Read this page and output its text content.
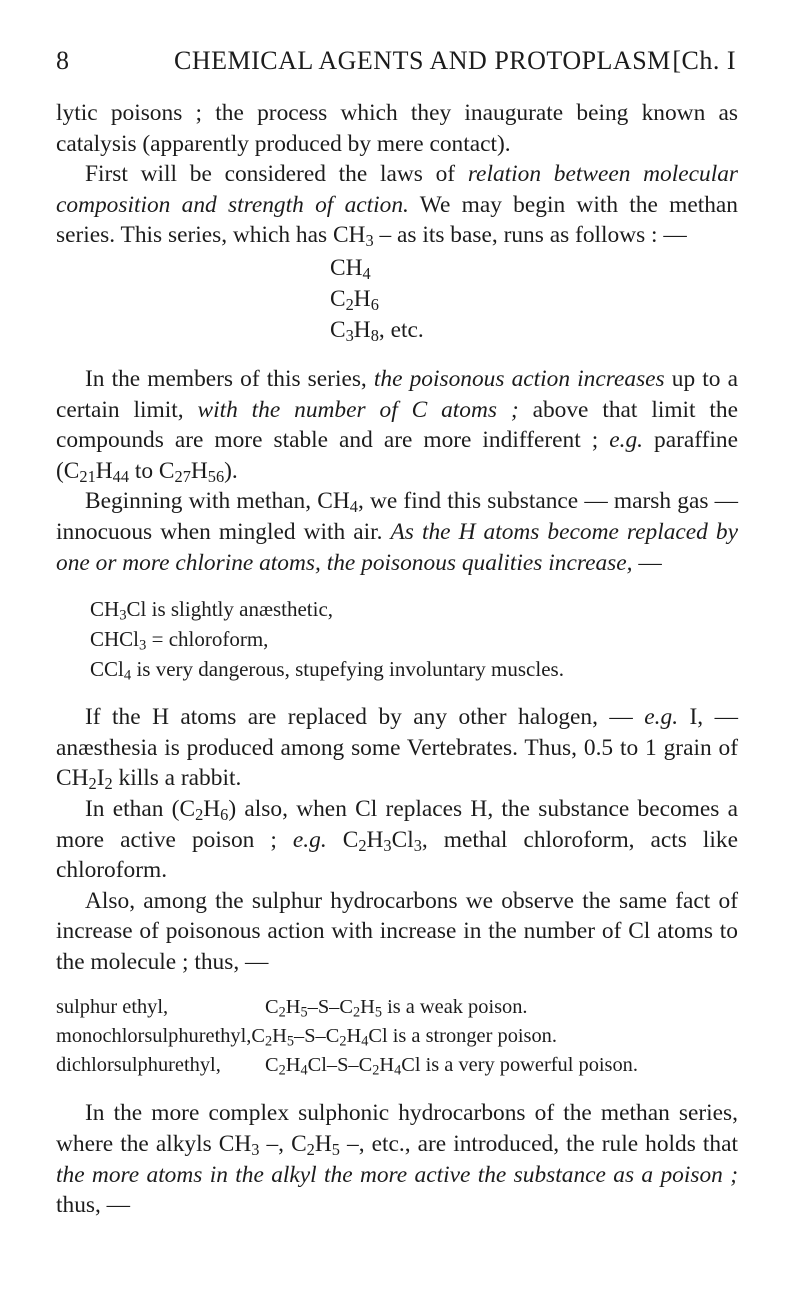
8	CHEMICAL AGENTS AND PROTOPLASM [Ch. I

lytic poisons ; the process which they inaugurate being known as catalysis (apparently produced by mere contact).

First will be considered the laws of relation between molecular composition and strength of action. We may begin with the methan series. This series, which has $CH_3$ – as its base, runs as follows : —

$CH_4$
$C_2H_6$
$C_3H_8$, etc.

In the members of this series, the poisonous action increases up to a certain limit, with the number of C atoms ; above that limit the compounds are more stable and are more indifferent ; e.g. paraffine ($C_{21}H_{44}$ to $C_{27}H_{56}$).

Beginning with methan, $CH_4$, we find this substance — marsh gas — innocuous when mingled with air. As the H atoms become replaced by one or more chlorine atoms, the poisonous qualities increase, —

$CH_3Cl$ is slightly anæsthetic,
CHCl$_3$ = chloroform,
CCl$_4$ is very dangerous, stupefying involuntary muscles.

If the H atoms are replaced by any other halogen, — e.g. I, — anæsthesia is produced among some Vertebrates. Thus, 0.5 to 1 grain of $CH_2I_2$ kills a rabbit.

In ethan $(C_2H_6)$ also, when Cl replaces H, the substance becomes a more active poison ; e.g. $C_2H_3Cl_3$, methal chloroform, acts like chloroform.

Also, among the sulphur hydrocarbons we observe the same fact of increase of poisonous action with increase in the number of Cl atoms to the molecule ; thus, —

sulphur ethyl,	$C_2H_5-S-C_2H_5$ is a weak poison.
monochlorsulphurethyl, $C_2H_5-S-C_2H_4Cl$ is a stronger poison.
dichlorsulphurethyl,	$C_2H_4Cl-S-C_2H_4Cl$ is a very powerful poison.

In the more complex sulphonic hydrocarbons of the methan series, where the alkyls $CH_3$ –, $C_2H_5$ –, etc., are introduced, the rule holds that the more atoms in the alkyl the more active the substance as a poison ; thus, —
